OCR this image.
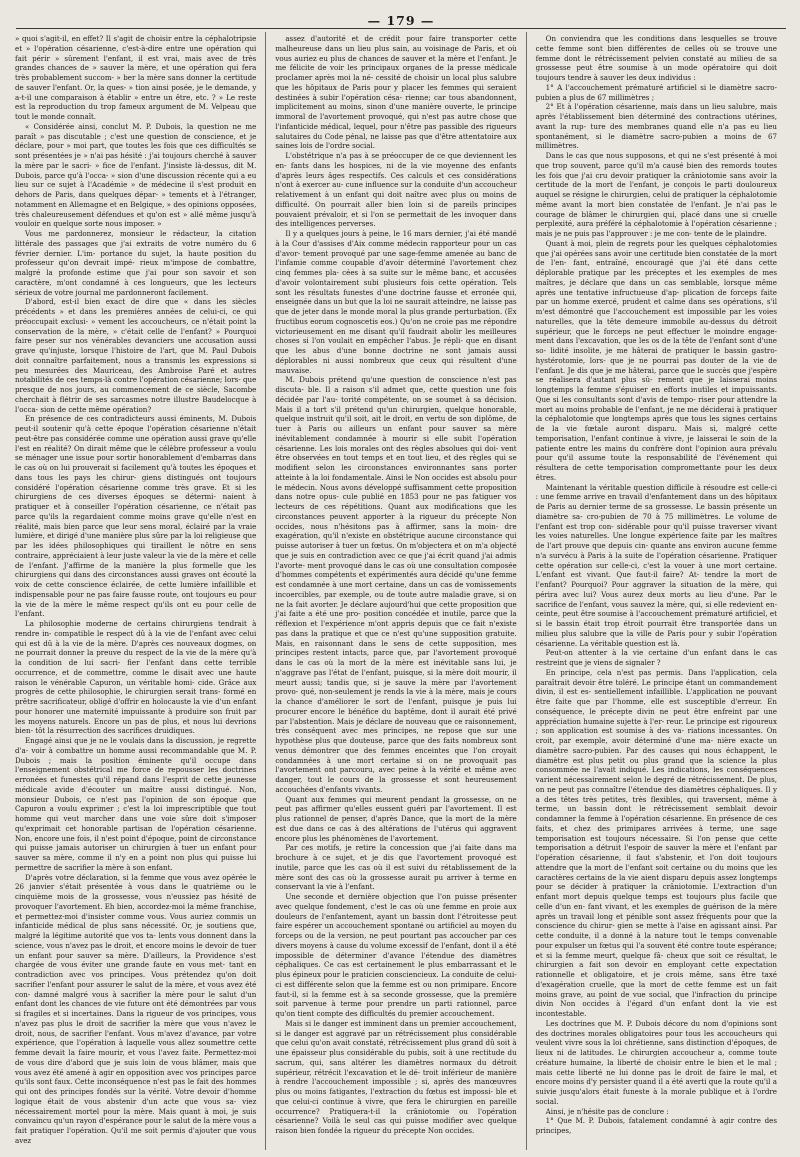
— 179 —

» quoi s'agit-il, en effet? Il s'agit de choisir entre la céphalotripsie et » l'opération césarienne, c'est-à-dire entre une opération qui fait périr » sûrement l'enfant, il est vrai, mais avec de très grandes chances de » sauver la mère, et une opération qui fera très probablement succom- » ber la mère sans donner la certitude de sauver l'enfant. Or, la ques- » tion ainsi posée, je le demande, y a-t-il une comparaison à établir » entre un être, etc. ? » Le reste est la reproduction du trop fameux argument de M. Velpeau que tout le monde connaît.

« Considérée ainsi, conclut M. P. Dubois, la question ne me paraît » pas discutable ; c'est une question de conscience, et je déclare, pour » moi part, que toutes les fois que ces difficultés se sont présentées je » n'ai pas hésité : j'ai toujours cherché à sauver la mère par le sacri- » fice de l'enfant. J'insiste là-dessus, dit M. Dubois, parce qu'à l'occa- » sion d'une discussion récente qui a eu lieu sur ce sujet à l'Académie » de médecine il s'est produit en dehors de Paris, dans quelques dépar- » tements et à l'étranger, notamment en Allemagne et en Belgique, » des opinions opposées, très chaleureusement défendues et qu'on est » allé même jusqu'à vouloir en quelque sorte nous imposer. »

Vous me pardonnerez, monsieur le rédacteur, la citation littérale des passages que j'ai extraits de votre numéro du 6 février dernier. L'im- portance du sujet, la haute position du professeur qu'on devrait impé- rieux m'impose de combattre, malgré la profonde estime que j'ai pour son savoir et son caractère, m'ont condamné à ces longueurs, que les lecteurs sérieux de votre journal me pardonneront facilement.

D'abord, est-il bien exact de dire que « dans les siècles précédents » et dans les premières années de celui-ci, ce qui préoccupait exclusi- » vement les accoucheurs, ce n'était point la conservation de la mère, » c'était celle de l'enfant? » Pourquoi faire peser sur nos vénérables devanciers une accusation aussi grave qu'injuste, lorsque l'histoire de l'art, que M. Paul Dubois doit connaître parfaitement, nous a transmis les expressions si peu mesurées des Mauriceau, des Ambroise Paré et autres notabilités de ces temps-là contre l'opération césarienne; lors- que presque de nos jours, au commencement de ce siècle, Sacombe cherchait à flétrir de ses sarcasmes notre illustre Baudelocque à l'occa- sion de cette même opération?

En présence de ces contradicteurs aussi éminents, M. Dubois peut-il soutenir qu'à cette époque l'opération césarienne n'était peut-être pas considérée comme une opération aussi grave qu'elle l'est en réalité? On dirait même que le célèbre professeur a voulu se ménager une issue pour sortir honorablement d'embarras dans le cas où on lui prouverait si facilement qu'à toutes les époques et dans tous les pays les chirur- giens distingués ont toujours considéré l'opération césarienne comme très grave. Et si les chirurgiens de ces diverses époques se détermi- naient à pratiquer et à conseiller l'opération césarienne, ce n'était pas parce qu'ils la regardaient comme moins grave qu'elle n'est en réalité, mais bien parce que leur sens moral, éclairé par la vraie lumière, et dirigé d'une manière plus sûre par la loi religieuse que par les idées philosophiques qui tiraillent le nôtre en sens contraire, appréciaient à leur juste valeur la vie de la mère et celle de l'enfant. J'affirme de la manière la plus formelle que les chirurgiens qui dans des circonstances aussi graves ont écouté la voix de cette conscience éclairée, de cette lumière infaillible et indispensable pour ne pas faire fausse route, ont toujours eu pour la vie de la mère le même respect qu'ils ont eu pour celle de l'enfant.

La philosophie moderne de certains chirurgiens tendrait à rendre in- compatible le respect dû à la vie de l'enfant avec celui qui est dû à la vie de la mère. D'après ces nouveaux dogmes, on ne pourrait donner la preuve du respect de la vie de la mère qu'à la condition de lui sacri- fier l'enfant dans cette terrible occurrence, et de commettre, comme le disait avec une haute raison le vénérable Capuron, un véritable homi- cide. Grâce aux progrès de cette philosophie, le chirurgien serait trans- formé en prêtre sacrificateur, obligé d'offrir en holocauste la vie d'un enfant pour honorer une maternité impuissante à produire son fruit par les moyens naturels. Encore un pas de plus, et nous lui devrions bien- tôt la résurrection des sacrifices druidiques.

Engagé ainsi que je ne le voulais dans la discussion, je regrette d'a- voir à combattre un homme aussi recommandable que M. P. Dubois ; mais la position éminente qu'il occupe dans l'enseignement obstétrical me force de repousser les doctrines erronées et funestes qu'il répand dans l'esprit de cette jeunesse médicale avide d'écouter un maître aussi distingué. Non, monsieur Dubois, ce n'est pas l'opinion de son époque que Capuron a voulu exprimer ; c'est la loi imprescriptible que tout homme qui veut marcher dans une voie sûre doit s'imposer qu'exprimait cet honorable partisan de l'opération césarienne. Non, encore une fois, il n'est point d'époque, point de circonstance qui puisse jamais autoriser un chirurgien à tuer un enfant pour sauver sa mère, comme il n'y en a point non plus qui puisse lui permettre de sacrifier la mère à son enfant.

D'après votre déclaration, si la femme que vous avez opérée le 26 janvier s'était présentée à vous dans le quatrième ou le cinquième mois de la grossesse, vous n'eussiez pas hésité de provoquer l'avortement. Eh bien, accordez-moi la même franchise, et permettez-moi d'insister comme vous. Vous auriez commis un infanticide médical de plus sans nécessité. Or, je soutiens que, malgré la légitime autorité que vos ta- lents vous donnent dans la science, vous n'avez pas le droit, et encore moins le devoir de tuer un enfant pour sauver sa mère. D'ailleurs, la Providence s'est chargée de vous éviter une grande faute en vous met- tant en contradiction avec vos principes. Vous prétendez qu'on doit sacrifier l'enfant pour assurer le salut de la mère, et vous avez été con- damné malgré vous à sacrifier la mère pour le salut d'un enfant dont les chances de vie future ont été démontrées par vous si fragiles et si incertaines. Dans la rigueur de vos principes, vous n'avez pas plus le droit de sacrifier la mère que vous n'avez le droit, nous, de sacrifier l'enfant. Vous m'avez d'avance, par votre expérience, que l'opération à laquelle vous allez soumettre cette femme devait la faire mourir, et vous l'avez faite. Permettez-moi de vous dire d'abord que je suis loin de vous blâmer, mais que vous avez été amené à agir en opposition avec vos principes parce qu'ils sont faux. Cette inconséquence n'est pas le fait des hommes qui ont des principes fondés sur la vérité. Votre devoir d'homme logique était de vous abstenir d'un acte que vous sa- viez nécessairement mortel pour la mère. Mais quant à moi, je suis convaincu qu'un rayon d'espérance pour le salut de la mère vous a fait pratiquer l'opération. Qu'il me soit permis d'ajouter que vous avez

assez d'autorité et de crédit pour faire transporter cette malheureuse dans un lieu plus sain, au voisinage de Paris, et où vous auriez eu plus de chances de sauver et la mère et l'enfant. Je me félicite de voir les principaux organes de la presse médicale proclamer après moi la né- cessité de choisir un local plus salubre que les hôpitaux de Paris pour y placer les femmes qui seraient destinées à subir l'opération césa- rienne; car tous abandonnent, implicitement au moins, sinon d'une manière ouverte, le principe immoral de l'avortement provoqué, qui n'est pas autre chose que l'infanticide médical, lequel, pour n'être pas passible des rigueurs salutaires du Code pénal, ne laisse pas que d'être attentatoire aux saines lois de l'ordre social.

L'obstétrique n'a pas à se préoccuper de ce que deviennent les en- fants dans les hospices, ni de la vie moyenne des enfants d'après leurs âges respectifs. Ces calculs et ces considérations n'ont à exercer au- cune influence sur la conduite d'un accoucheur relativement à un enfant qui doit naître avec plus ou moins de difficulté. On pourrait aller bien loin si de pareils principes pouvaient prévaloir, et si l'on se permettait de les invoquer dans des intelligences perverses.

Il y a quelques jours à peine, le 16 mars dernier, j'ai été mandé à la Cour d'assises d'Aix comme médecin rapporteur pour un cas d'avor- tement provoqué par une sage-femme amenée au banc de l'infamie comme coupable d'avoir déterminé l'avortement chez cinq femmes pla- cées à sa suite sur le même banc, et accusées d'avoir volontairement subi plusieurs fois cette opération. Tels sont les résultats funestes d'une doctrine fausse et erronée qui, enseignée dans un but que la loi ne saurait atteindre, ne laisse pas que de jeter dans le monde moral la plus grande perturbation. (Ex fructibus eorum cognoscetis eos.) Qu'on ne croie pas me répondre victorieusement en me disant qu'il faudrait abolir les meilleures choses si l'on voulait en empêcher l'abus. Je répli- que en disant que les abus d'une bonne doctrine ne sont jamais aussi déplorables ni aussi nombreux que ceux qui résultent d'une mauvaise.

M. Dubois prétend qu'une question de conscience n'est pas discuta- ble. Il a raison s'il admet que, cette question une fois décidée par l'au- torité compétente, on se soumet à sa décision. Mais il a tort s'il prétend qu'un chirurgien, quelque honorable, quelque instruit qu'il soit, ait le droit, en vertu de son diplôme, de tuer à Paris ou ailleurs un enfant pour sauver sa mère inévitablement condamnée à mourir si elle subit l'opération césarienne. Les lois morales ont des règles absolues qui doi- vent être observées en tout temps et en tout lieu, et des règles qui se modifient selon les circonstances environnantes sans porter atteinte à la loi fondamentale. Ainsi le Non occides est absolu pour le médecin. Nous avons développé suffisamment cette proposition dans notre opus- cule publié en 1853 pour ne pas fatiguer vos lecteurs de ces répétitions. Quant aux modifications que les circonstances peuvent apporter à la rigueur du précepte Non occides, nous n'hésitons pas à affirmer, sans la moin- dre exagération, qu'il n'existe en obstétrique aucune circonstance qui puisse autoriser à tuer un fœtus. On m'objectera et on m'a objecté que je suis en contradiction avec ce que j'ai écrit quand j'ai admis l'avorte- ment provoqué dans le cas où une consultation composée d'hommes compétents et expérimentés aura décidé qu'une femme est condamnée à une mort certaine, dans un cas de vomissements incoercibles, par exemple, ou de toute autre maladie grave, si on ne la fait avorter. Je déclare aujourd'hui que cette proposition que j'ai faite a été une pro- position concédée et inutile, parce que la réflexion et l'expérience m'ont appris depuis que ce fait n'existe pas dans la pratique et que ce n'est qu'une supposition gratuite. Mais, en raisonnant dans le sens de cette supposition, mes principes restent intacts, parce que, par l'avortement provoqué dans le cas où la mort de la mère est inévitable sans lui, je n'aggrave pas l'état de l'enfant, puisque, si la mère doit mourir, il meurt aussi; tandis que, si je sauve la mère par l'avortement provo- qué, non-seulement je rends la vie à la mère, mais je cours la chance d'améliorer le sort de l'enfant, puisque je puis lui procurer encore le bénéfice du baptême, dont il aurait été privé par l'abstention. Mais je déclare de nouveau que ce raisonnement, très conséquent avec mes principes, ne repose que sur une hypothèse plus que douteuse, parce que des faits nombreux sont venus démontrer que des femmes enceintes que l'on croyait condamnées à une mort certaine si on ne provoquait pas l'avortement ont parcouru, avec peine à la vérité et même avec danger, tout le cours de la grossesse et sont heureusement accouchées d'enfants vivants.

Quant aux femmes qui meurent pendant la grossesse, on ne peut pas affirmer qu'elles eussent guéri par l'avortement. Il est plus rationnel de penser, d'après Dance, que la mort de la mère est due dans ce cas à des altérations de l'utérus qui aggravent encore plus les phénomènes de l'avortement.

Par ces motifs, je retire la concession que j'ai faite dans ma brochure à ce sujet, et je dis que l'avortement provoqué est inutile, parce que les cas où il est suivi du rétablissement de la mère sont des cas où la grossesse aurait pu arriver à terme en conservant la vie à l'enfant.

Une seconde et dernière objection que l'on puisse présenter avec quelque fondement, c'est le cas où une femme en proie aux douleurs de l'enfantement, ayant un bassin dont l'étroitesse peut faire espérer un accouchement spontané ou artificiel au moyen du forceps ou de la version, ne peut pourtant pas accoucher par ces divers moyens à cause du volume excessif de l'enfant, dont il a été impossible de déterminer d'avance l'étendue des diamètres céphaliques. Ce cas est certainement le plus embarrassant et le plus épineux pour le praticien consciencieux. La conduite de celui-ci est différente selon que la femme est ou non primipare. Encore faut-il, si la femme est à sa seconde grossesse, que la première soit parvenue à terme pour prendre un parti rationnel, parce qu'on tient compte des difficultés du premier accouchement.

Mais si le danger est imminent dans un premier accouchement, si le danger est aggravé par un rétrécissement plus considérable que celui qu'on avait constaté, rétrécissement plus grand dû soit à une épaisseur plus considérable du pubis, soit à une rectitude du sacrum, qui, sans altérer les diamètres normaux du détroit supérieur, rétrécit l'excavation et le dé- troit inférieur de manière à rendre l'accouchement impossible ; si, après des manœuvres plus ou moins fatigantes, l'extraction du fœtus est impossi- ble et que celui-ci continue à vivre, que fera le chirurgien en pareille occurrence? Pratiquera-t-il la crâniotomie ou l'opération césarienne? Voilà le seul cas qui puisse modifier avec quelque raison bien fondée la rigueur du précepte Non occides.

On conviendra que les conditions dans lesquelles se trouve cette femme sont bien différentes de celles où se trouve une femme dont le rétrécissement pelvien constaté au milieu de sa grossesse peut être soumise à un mode opératoire qui doit toujours tendre à sauver les deux individus :

1° A l'accouchement prématuré artificiel si le diamètre sacro-pubien a plus de 67 millimètres ;

2° Et à l'opération césarienne, mais dans un lieu salubre, mais après l'établissement bien déterminé des contractions utérines, avant la rup- ture des membranes quand elle n'a pas eu lieu spontanément, si le diamètre sacro-pubien a moins de 67 millimètres.

Dans le cas que nous supposons, et qui ne s'est présenté à moi que trop souvent, parce qu'il m'a causé bien des remords toutes les fois que j'ai cru devoir pratiquer la crâniotomie sans avoir la certitude de la mort de l'enfant, je conçois le parti douloureux auquel se résigne le chirurgien, celui de pratiquer la céphalotomie même avant la mort bien constatée de l'enfant. Je n'ai pas le courage de blâmer le chirurgien qui, placé dans une si cruelle perplexité, aura préféré la céphalotomie à l'opération césarienne ; mais je ne puis pas l'approuver : je me con- tente de le plaindre.

Quant à moi, plein de regrets pour les quelques céphalotomies que j'ai opérées sans avoir une certitude bien constatée de la mort de l'en- fant, entraîné, encouragé que j'ai été dans cette déplorable pratique par les préceptes et les exemples de mes maîtres, je déclare que dans un cas semblable, lorsque même après une tentative infructueuse d'ap- plication de forceps faite par un homme exercé, prudent et calme dans ses opérations, s'il m'est démontré que l'accouchement est impossible par les voies naturelles, que la tête demeure immobile au-dessus du détroit supérieur, que le forceps ne peut effectuer le moindre engage- ment dans l'excavation, que les os de la tête de l'enfant sont d'une so- lidité insolite, je me hâterai de pratiquer le bassin gastro-hystérotomie, lors- que je ne pourrai pas douter de la vie de l'enfant. Je dis que je me hâterai, parce que le succès que j'espère se réalisera d'autant plus sû- rement que je laisserai moins longtemps la femme s'épuiser en efforts inutiles et impuissants. Que si les consultants sont d'avis de tempo- riser pour attendre la mort au moins probable de l'enfant, je ne me déciderai à pratiquer la céphalotomie que longtemps après que tous les signes certains de la vie fœtale auront disparu. Mais si, malgré cette temporisation, l'enfant continue à vivre, je laisserai le soin de la patiente entre les mains du confrère dont l'opinion aura prévalu pour qu'il assume toute la responsabilité de l'événement qui résultera de cette temporisation compromettante pour les deux êtres.

Maintenant la véritable question difficile à résoudre est celle-ci : une femme arrive en travail d'enfantement dans un des hôpitaux de Paris au dernier terme de sa grossesse. Le bassin présente un diamètre sa- cro-pubien de 70 à 75 millimètres. Le volume de l'enfant est trop con- sidérable pour qu'il puisse traverser vivant les voies naturelles. Une longue expérience faite par les maîtres de l'art prouve que depuis cin- quante ans environ aucune femme n'a survécu à Paris à la suite de l'opération césarienne. Pratiquer cette opération sur celle-ci, c'est la vouer à une mort certaine. L'enfant est vivant. Que faut-il faire? At- tendre la mort de l'enfant? Pourquoi? Pour aggraver la situation de la mère, qui périra avec lui? Vous aurez deux morts au lieu d'une. Par le sacrifice de l'enfant, vous sauvez la mère, qui, si elle redevient en- ceinte, peut être soumise à l'accouchement prématuré artificiel, et si le bassin était trop étroit pourrait être transportée dans un milieu plus salubre que la ville de Paris pour y subir l'opération césarienne. La véritable question est là.

Peut-on attenter à la vie certaine d'un enfant dans le cas restreint que je viens de signaler ?

En principe, cela n'est pas permis. Dans l'application, cela paraîtrait devoir être toléré. Le principe étant un commandement divin, il est es- sentiellement infaillible. L'application ne pouvant être faite que par l'homme, elle est susceptible d'erreur. En conséquence, le précepte divin ne peut être enfreint par une appréciation humaine sujette à l'er- reur. Le principe est rigoureux ; son application est soumise à des va- riations incessantes. On croit, par exemple, avoir déterminé d'une ma- nière exacte un diamètre sacro-pubien. Par des causes qui nous échappent, le diamètre est plus petit ou plus grand que la science la plus consommée ne l'avait indiqué. Les indications, les conséquences varient nécessairement selon le degré de rétrécissement. De plus, on ne peut pas connaître l'étendue des diamètres céphaliques. Il y a des têtes très petites, très flexibles, qui traversent, même à terme, un bassin dont le rétrécissement semblait devoir condamner la femme à l'opération césarienne. En présence de ces faits, et chez des primipares arrivées à terme, une sage temporisation est toujours nécessaire. Si l'on pense que cette temporisation a détruit l'espoir de sauver la mère et l'enfant par l'opération césarienne, il faut s'abstenir, et l'on doit toujours attendre que la mort de l'enfant soit certaine ou du moins que les caractères certains de la vie aient disparu depuis assez longtemps pour se décider à pratiquer la crâniotomie. L'extraction d'un enfant mort depuis quelque temps est toujours plus facile que celle d'un en- fant vivant, et les exemples de guérison de la mère après un travail long et pénible sont assez fréquents pour que la conscience du chirur- gien se mette à l'aise en agissant ainsi. Par cette conduite, il a donné à la nature tout le temps convenable pour expulser un fœtus qui l'a souvent été contre toute espérance; et si la femme meurt, quelque fâ- cheux que soit ce résultat, le chirurgien a fait son devoir en employant cette expectation rationnelle et obligatoire, et je crois même, sans être taxé d'exagération cruelle, que la mort de cette femme est un fait moins grave, au point de vue social, que l'infraction du principe divin Non occides à l'égard d'un enfant dont la vie est incontestable.

Les doctrines que M. P. Dubois décore du nom d'opinions sont des doctrines morales obligatoires pour tous les accoucheurs qui veulent vivre sous la loi chrétienne, sans distinction d'époques, de lieux ni de latitudes. Le chirurgien accoucheur a, comme toute créature humaine, la liberté de choisir entre le bien et le mal ; mais cette liberté ne lui donne pas le droit de faire le mal, et encore moins d'y persister quand il a été averti que la route qu'il a suivie jusqu'alors était funeste à la morale publique et à l'ordre social.

Ainsi, je n'hésite pas de conclure :

1° Que M. P. Dubois, fatalement condamné à agir contre des principes,
